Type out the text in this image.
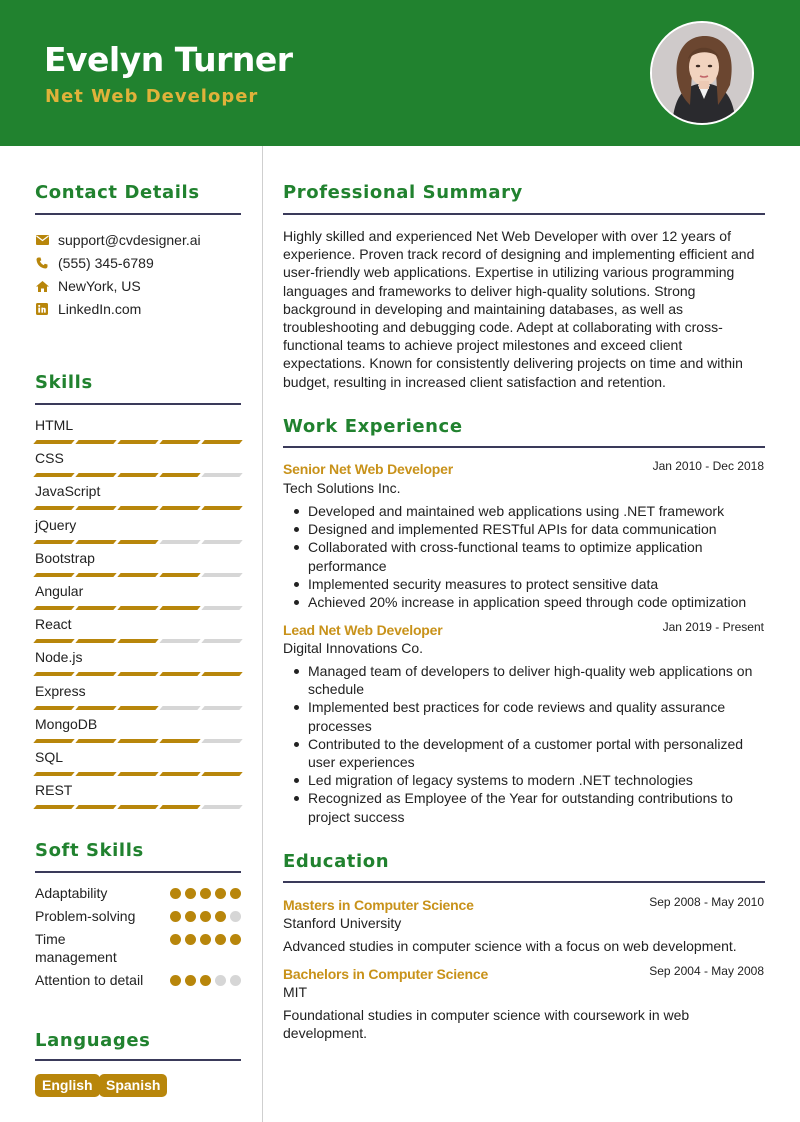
Evelyn Turner
Net Web Developer
Contact Details
support@cvdesigner.ai
(555) 345-6789
NewYork, US
LinkedIn.com
Skills
HTML
CSS
JavaScript
jQuery
Bootstrap
Angular
React
Node.js
Express
MongoDB
SQL
REST
Soft Skills
Adaptability
Problem-solving
Time management
Attention to detail
Languages
English Spanish
Professional Summary
Highly skilled and experienced Net Web Developer with over 12 years of experience. Proven track record of designing and implementing efficient and user-friendly web applications. Expertise in utilizing various programming languages and frameworks to deliver high-quality solutions. Strong background in developing and maintaining databases, as well as troubleshooting and debugging code. Adept at collaborating with cross-functional teams to achieve project milestones and exceed client expectations. Known for consistently delivering projects on time and within budget, resulting in increased client satisfaction and retention.
Work Experience
Senior Net Web Developer	Jan 2010 - Dec 2018
Tech Solutions Inc.
Developed and maintained web applications using .NET framework
Designed and implemented RESTful APIs for data communication
Collaborated with cross-functional teams to optimize application performance
Implemented security measures to protect sensitive data
Achieved 20% increase in application speed through code optimization
Lead Net Web Developer	Jan 2019 - Present
Digital Innovations Co.
Managed team of developers to deliver high-quality web applications on schedule
Implemented best practices for code reviews and quality assurance processes
Contributed to the development of a customer portal with personalized user experiences
Led migration of legacy systems to modern .NET technologies
Recognized as Employee of the Year for outstanding contributions to project success
Education
Masters in Computer Science	Sep 2008 - May 2010
Stanford University
Advanced studies in computer science with a focus on web development.
Bachelors in Computer Science	Sep 2004 - May 2008
MIT
Foundational studies in computer science with coursework in web development.
